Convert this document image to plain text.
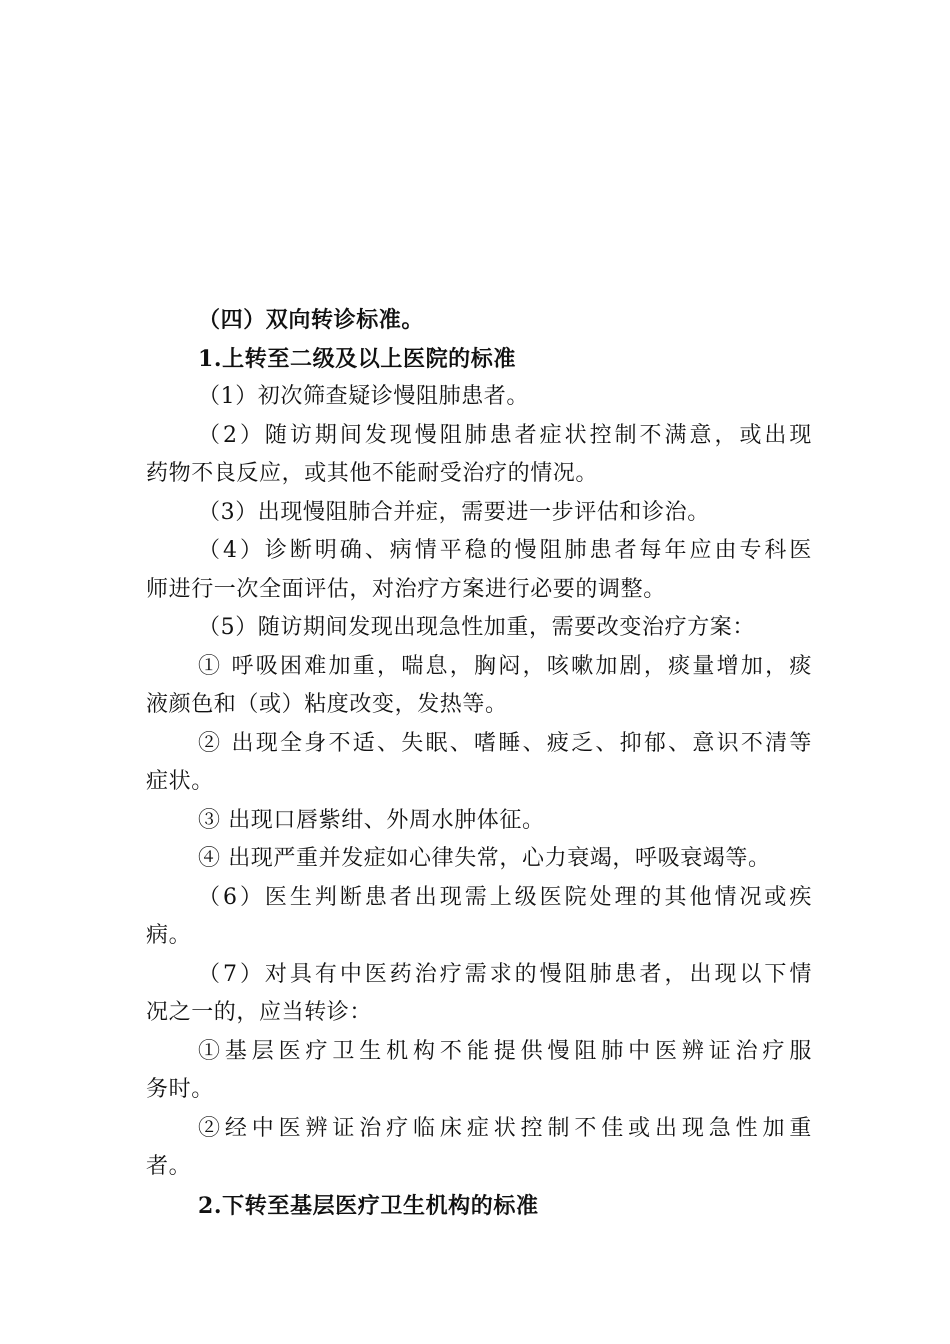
（四）双向转诊标准。
1.上转至二级及以上医院的标准
（1）初次筛查疑诊慢阻肺患者。
（2）随访期间发现慢阻肺患者症状控制不满意，或出现
药物不良反应，或其他不能耐受治疗的情况。
（3）出现慢阻肺合并症，需要进一步评估和诊治。
（4）诊断明确、病情平稳的慢阻肺患者每年应由专科医
师进行一次全面评估，对治疗方案进行必要的调整。
（5）随访期间发现出现急性加重，需要改变治疗方案：
① 呼吸困难加重，喘息，胸闷，咳嗽加剧，痰量增加，痰
液颜色和（或）粘度改变，发热等。
② 出现全身不适、失眠、嗜睡、疲乏、抑郁、意识不清等
症状。
③ 出现口唇紫绀、外周水肿体征。
④ 出现严重并发症如心律失常，心力衰竭，呼吸衰竭等。
（6）医生判断患者出现需上级医院处理的其他情况或疾
病。
（7）对具有中医药治疗需求的慢阻肺患者，出现以下情
况之一的，应当转诊：
①基层医疗卫生机构不能提供慢阻肺中医辨证治疗服
务时。
②经中医辨证治疗临床症状控制不佳或出现急性加重
者。
2.下转至基层医疗卫生机构的标准
